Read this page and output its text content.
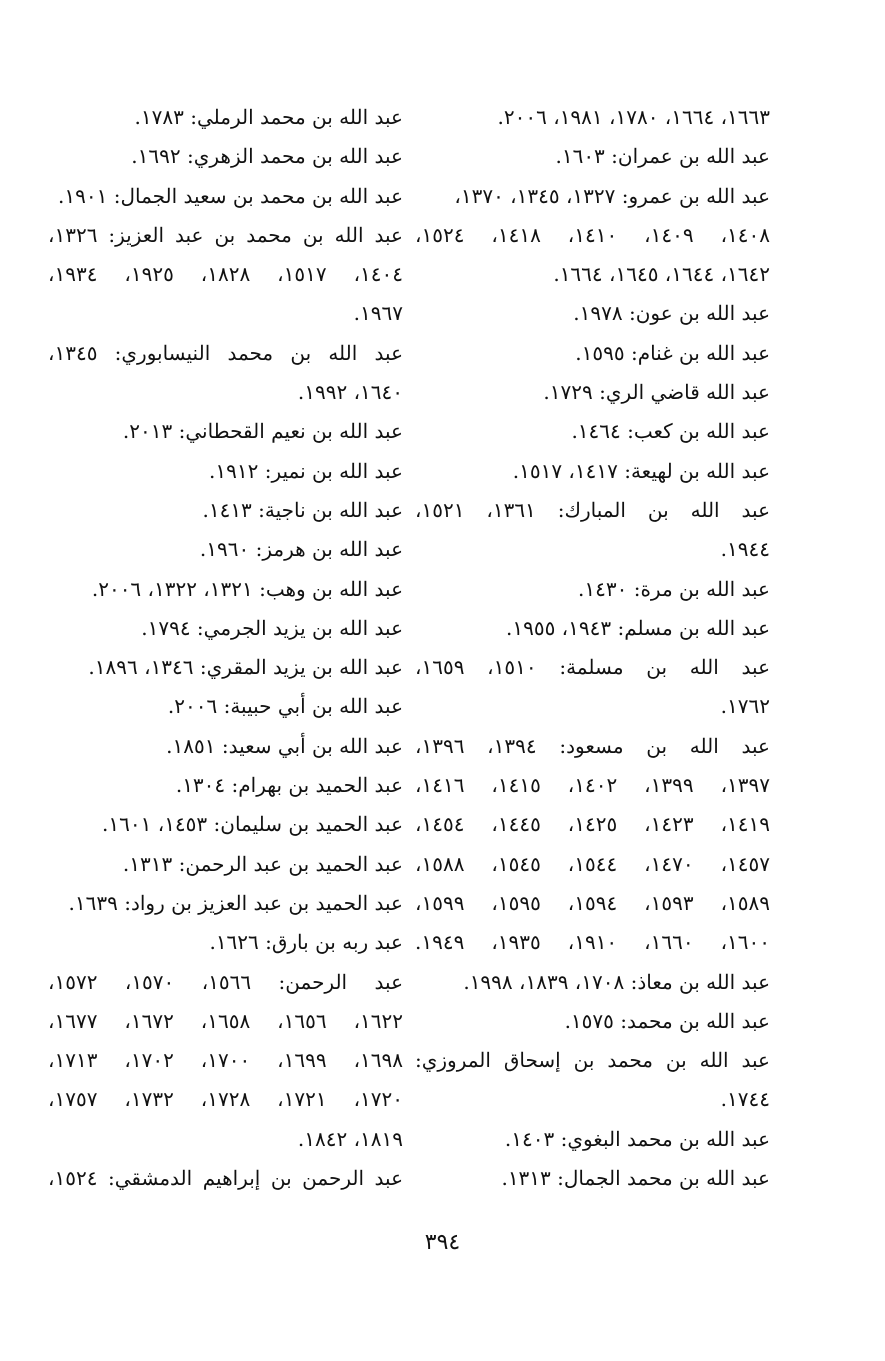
١٦٦٣، ١٦٦٤، ١٧٨٠، ١٩٨١، ٢٠٠٦.
عبد الله بن عمران: ١٦٠٣.
عبد الله بن عمرو: ١٣٢٧، ١٣٤٥، ١٣٧٠،
١٤٠٨، ١٤٠٩، ١٤١٠، ١٤١٨، ١٥٢٤،
١٦٤٢، ١٦٤٤، ١٦٤٥، ١٦٦٤.
عبد الله بن عون: ١٩٧٨.
عبد الله بن غنام: ١٥٩٥.
عبد الله قاضي الري: ١٧٢٩.
عبد الله بن كعب: ١٤٦٤.
عبد الله بن لهيعة: ١٤١٧، ١٥١٧.
عبد الله بن المبارك: ١٣٦١، ١٥٢١،
١٩٤٤.
عبد الله بن مرة: ١٤٣٠.
عبد الله بن مسلم: ١٩٤٣، ١٩٥٥.
عبد الله بن مسلمة: ١٥١٠، ١٦٥٩،
١٧٦٢.
عبد الله بن مسعود: ١٣٩٤، ١٣٩٦،
١٣٩٧، ١٣٩٩، ١٤٠٢، ١٤١٥، ١٤١٦،
١٤١٩، ١٤٢٣، ١٤٢٥، ١٤٤٥، ١٤٥٤،
١٤٥٧، ١٤٧٠، ١٥٤٤، ١٥٤٥، ١٥٨٨،
١٥٨٩، ١٥٩٣، ١٥٩٤، ١٥٩٥، ١٥٩٩،
١٦٠٠، ١٦٦٠، ١٩١٠، ١٩٣٥، ١٩٤٩.
عبد الله بن معاذ: ١٧٠٨، ١٨٣٩، ١٩٩٨.
عبد الله بن محمد: ١٥٧٥.
عبد الله بن محمد بن إسحاق المروزي:
١٧٤٤.
عبد الله بن محمد البغوي: ١٤٠٣.
عبد الله بن محمد الجمال: ١٣١٣.
عبد الله بن محمد الرملي: ١٧٨٣.
عبد الله بن محمد الزهري: ١٦٩٢.
عبد الله بن محمد بن سعيد الجمال: ١٩٠١.
عبد الله بن محمد بن عبد العزيز: ١٣٢٦،
١٤٠٤، ١٥١٧، ١٨٢٨، ١٩٢٥، ١٩٣٤،
١٩٦٧.
عبد الله بن محمد النيسابوري: ١٣٤٥،
١٦٤٠، ١٩٩٢.
عبد الله بن نعيم القحطاني: ٢٠١٣.
عبد الله بن نمير: ١٩١٢.
عبد الله بن ناجية: ١٤١٣.
عبد الله بن هرمز: ١٩٦٠.
عبد الله بن وهب: ١٣٢١، ١٣٢٢، ٢٠٠٦.
عبد الله بن يزيد الجرمي: ١٧٩٤.
عبد الله بن يزيد المقري: ١٣٤٦، ١٨٩٦.
عبد الله بن أبي حبيبة: ٢٠٠٦.
عبد الله بن أبي سعيد: ١٨٥١.
عبد الحميد بن بهرام: ١٣٠٤.
عبد الحميد بن سليمان: ١٤٥٣، ١٦٠١.
عبد الحميد بن عبد الرحمن: ١٣١٣.
عبد الحميد بن عبد العزيز بن رواد: ١٦٣٩.
عبد ربه بن بارق: ١٦٢٦.
عبد الرحمن: ١٥٦٦، ١٥٧٠، ١٥٧٢،
١٦٢٢، ١٦٥٦، ١٦٥٨، ١٦٧٢، ١٦٧٧،
١٦٩٨، ١٦٩٩، ١٧٠٠، ١٧٠٢، ١٧١٣،
١٧٢٠، ١٧٢١، ١٧٢٨، ١٧٣٢، ١٧٥٧،
١٨١٩، ١٨٤٢.
عبد الرحمن بن إبراهيم الدمشقي: ١٥٢٤،
٣٩٤
